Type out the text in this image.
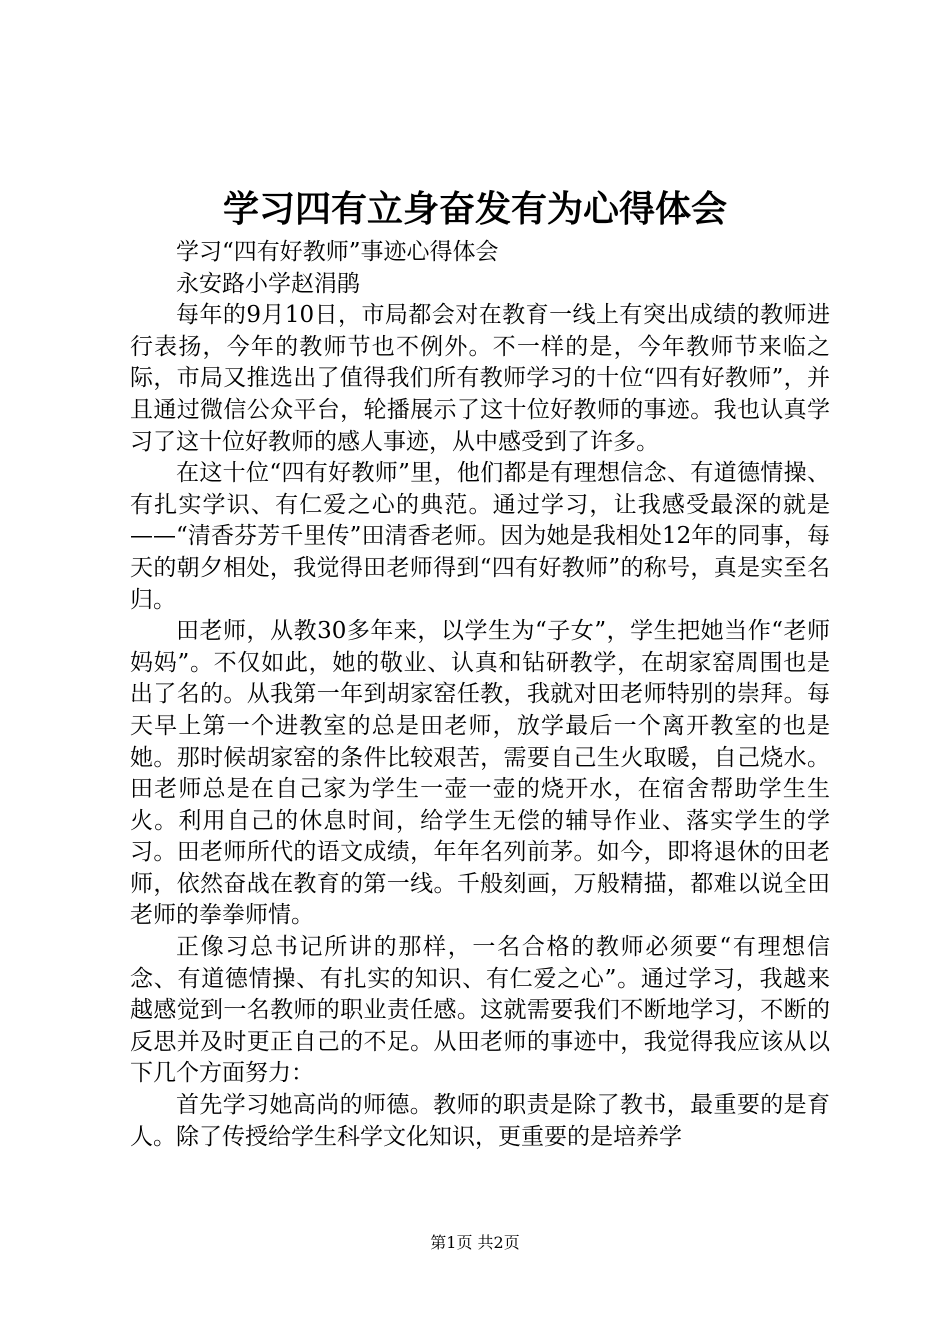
学习四有立身奋发有为心得体会

学习“四有好教师”事迹心得体会

永安路小学赵涓鹃

每年的9月10日，市局都会对在教育一线上有突出成绩的教师进行表扬，今年的教师节也不例外。不一样的是，今年教师节来临之际，市局又推选出了值得我们所有教师学习的十位“四有好教师”，并且通过微信公众平台，轮播展示了这十位好教师的事迹。我也认真学习了这十位好教师的感人事迹，从中感受到了许多。

在这十位“四有好教师”里，他们都是有理想信念、有道德情操、有扎实学识、有仁爱之心的典范。通过学习，让我感受最深的就是——“清香芬芳千里传”田清香老师。因为她是我相处12年的同事，每天的朝夕相处，我觉得田老师得到“四有好教师”的称号，真是实至名归。

田老师，从教30多年来，以学生为“子女”，学生把她当作“老师妈妈”。不仅如此，她的敬业、认真和钻研教学，在胡家窑周围也是出了名的。从我第一年到胡家窑任教，我就对田老师特别的崇拜。每天早上第一个进教室的总是田老师，放学最后一个离开教室的也是她。那时候胡家窑的条件比较艰苦，需要自己生火取暖，自己烧水。田老师总是在自己家为学生一壶一壶的烧开水，在宿舍帮助学生生火。利用自己的休息时间，给学生无偿的辅导作业、落实学生的学习。田老师所代的语文成绩，年年名列前茅。如今，即将退休的田老师，依然奋战在教育的第一线。千般刻画，万般精描，都难以说全田老师的拳拳师情。

正像习总书记所讲的那样，一名合格的教师必须要“有理想信念、有道德情操、有扎实的知识、有仁爱之心”。通过学习，我越来越感觉到一名教师的职业责任感。这就需要我们不断地学习，不断的反思并及时更正自己的不足。从田老师的事迹中，我觉得我应该从以下几个方面努力：

首先学习她高尚的师德。教师的职责是除了教书，最重要的是育人。除了传授给学生科学文化知识，更重要的是培养学

第1页 共2页
